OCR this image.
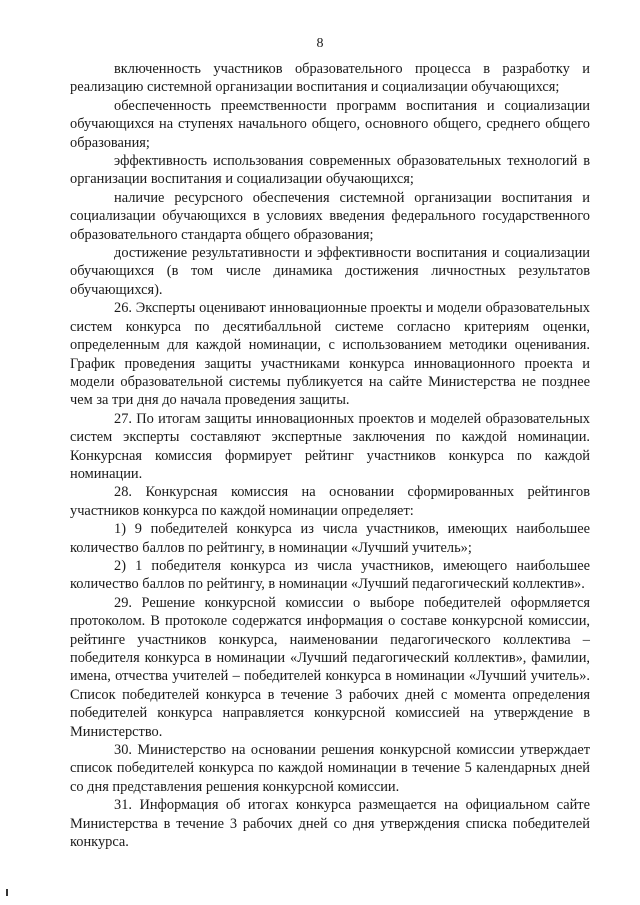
8

включенность участников образовательного процесса в разработку и реализацию системной организации воспитания и социализации обучающихся;

обеспеченность преемственности программ воспитания и социализации обучающихся на ступенях начального общего, основного общего, среднего общего образования;

эффективность использования современных образовательных технологий в организации воспитания и социализации обучающихся;

наличие ресурсного обеспечения системной организации воспитания и социализации обучающихся в условиях введения федерального государственного образовательного стандарта общего образования;

достижение результативности и эффективности воспитания и социализации обучающихся (в том числе динамика достижения личностных результатов обучающихся).

26. Эксперты оценивают инновационные проекты и модели образовательных систем конкурса по десятибалльной системе согласно критериям оценки, определенным для каждой номинации, с использованием методики оценивания. График проведения защиты участниками конкурса инновационного проекта и модели образовательной системы публикуется на сайте Министерства не позднее чем за три дня до начала проведения защиты.

27. По итогам защиты инновационных проектов и моделей образовательных систем эксперты составляют экспертные заключения по каждой номинации. Конкурсная комиссия формирует рейтинг участников конкурса по каждой номинации.

28. Конкурсная комиссия на основании сформированных рейтингов участников конкурса по каждой номинации определяет:

1) 9 победителей конкурса из числа участников, имеющих наибольшее количество баллов по рейтингу, в номинации «Лучший учитель»;

2) 1 победителя конкурса из числа участников, имеющего наибольшее количество баллов по рейтингу, в номинации «Лучший педагогический коллектив».

29. Решение конкурсной комиссии о выборе победителей оформляется протоколом. В протоколе содержатся информация о составе конкурсной комиссии, рейтинге участников конкурса, наименовании педагогического коллектива – победителя конкурса в номинации «Лучший педагогический коллектив», фамилии, имена, отчества учителей – победителей конкурса в номинации «Лучший учитель». Список победителей конкурса в течение 3 рабочих дней с момента определения победителей конкурса направляется конкурсной комиссией на утверждение в Министерство.

30. Министерство на основании решения конкурсной комиссии утверждает список победителей конкурса по каждой номинации в течение 5 календарных дней со дня представления решения конкурсной комиссии.

31. Информация об итогах конкурса размещается на официальном сайте Министерства в течение 3 рабочих дней со дня утверждения списка победителей конкурса.
